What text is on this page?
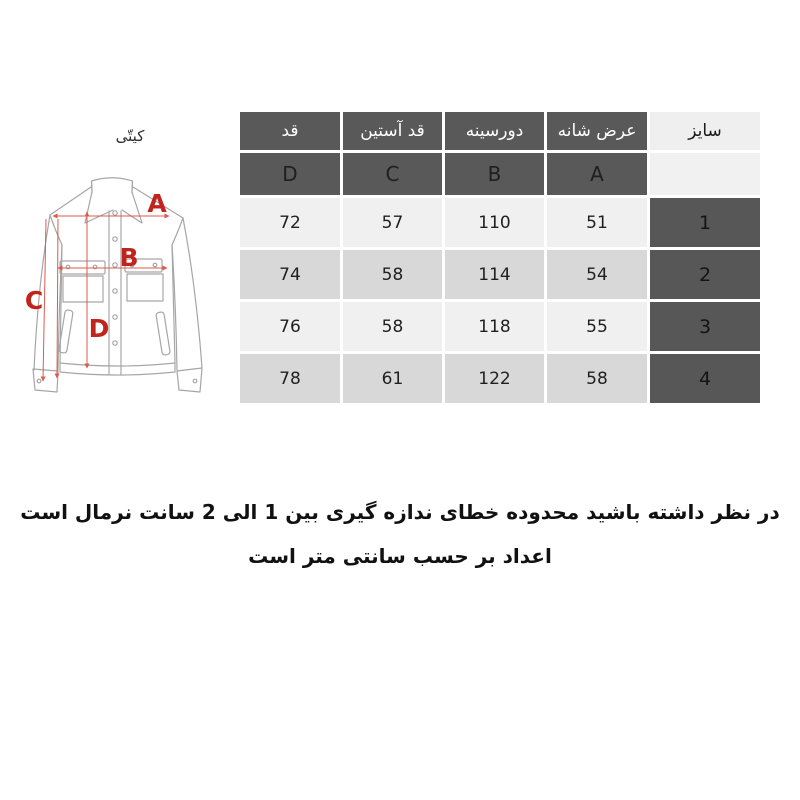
کیتّی
A
B
C
D
قد	قد آستین	دورسینه	عرض شانه	سایز
D	C	B	A	
72	57	110	51	1
74	58	114	54	2
76	58	118	55	3
78	61	122	58	4
در نظر داشته باشید محدوده خطای ندازه گیری بین 1 الی 2 سانت نرمال است
اعداد بر حسب سانتی متر است
